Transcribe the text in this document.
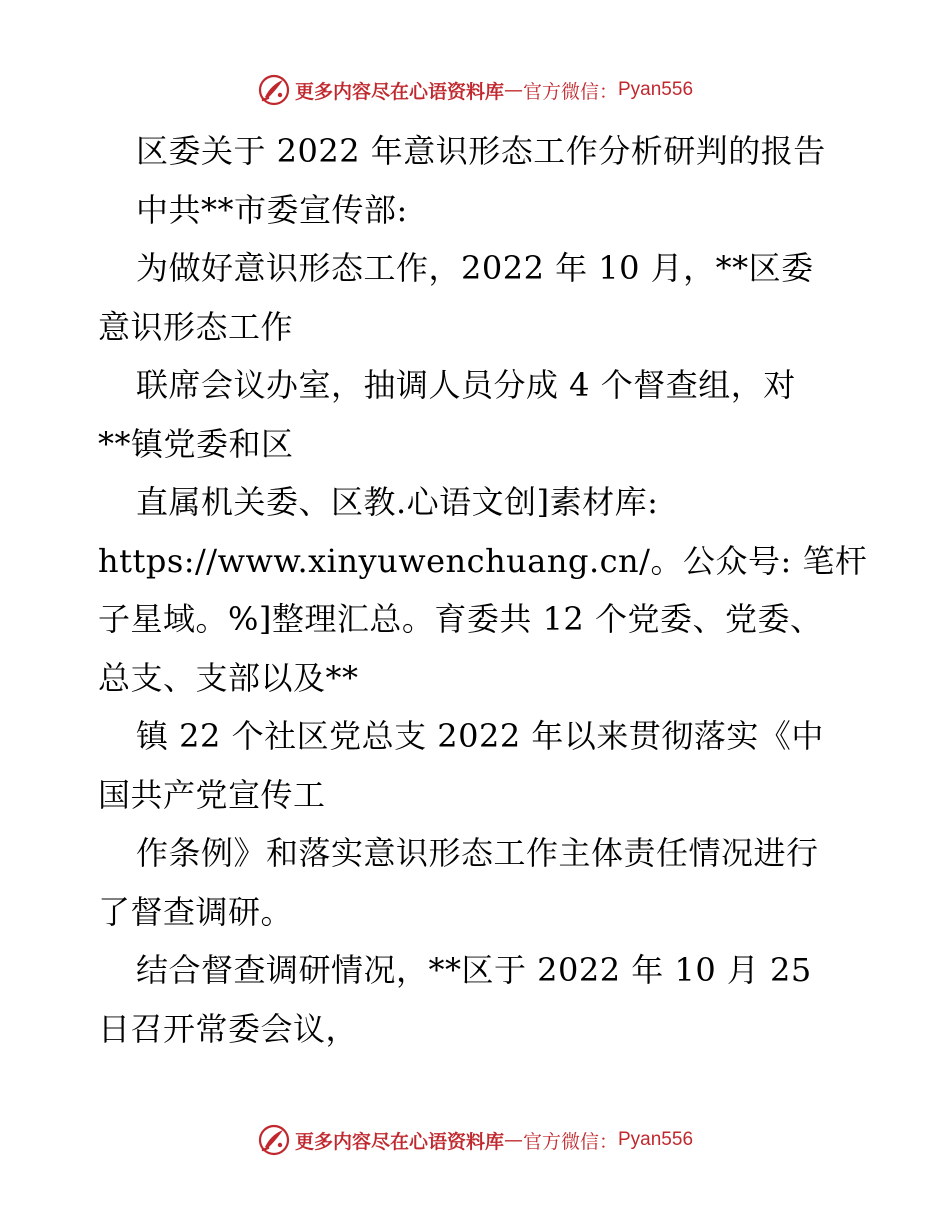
更多内容尽在心语资料库 — 官方微信： Pyan556
区委关于 2022 年意识形态工作分析研判的报告
中共**市委宣传部:
为做好意识形态工作，2022 年 10 月，**区委
意识形态工作
联席会议办室，抽调人员分成 4 个督查组，对
**镇党委和区
直属机关委、区教.心语文创]素材库:
https://www.xinyuwenchuang.cn/。公众号: 笔杆
子星域。%]整理汇总。育委共 12 个党委、党委、
总支、支部以及**
镇 22 个社区党总支 2022 年以来贯彻落实《中
国共产党宣传工
作条例》和落实意识形态工作主体责任情况进行
了督查调研。
结合督查调研情况，**区于 2022 年 10 月 25
日召开常委会议，
更多内容尽在心语资料库 — 官方微信： Pyan556
